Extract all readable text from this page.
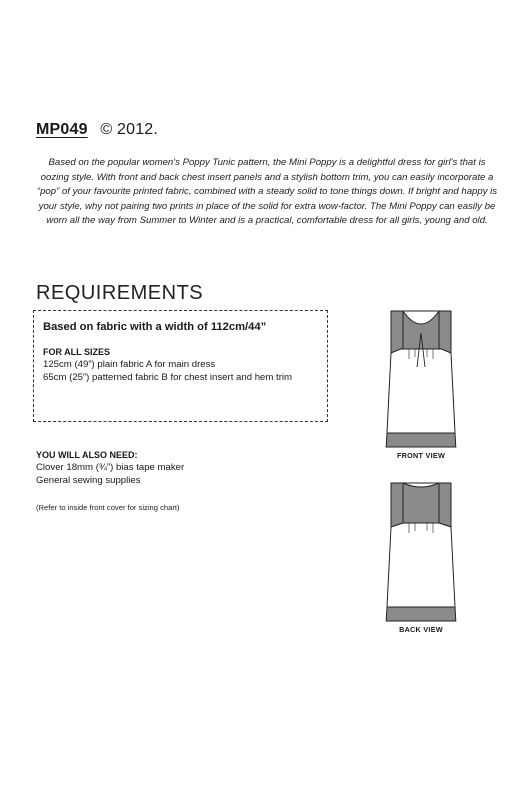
MP049 © 2012.
Based on the popular women's Poppy Tunic pattern, the Mini Poppy is a delightful dress for girl's that is oozing style. With front and back chest insert panels and a stylish bottom trim, you can easily incorporate a “pop” of your favourite printed fabric, combined with a steady solid to tone things down. If bright and happy is your style, why not pairing two prints in place of the solid for extra wow-factor. The Mini Poppy can easily be worn all the way from Summer to Winter and is a practical, comfortable dress for all girls, young and old.
REQUIREMENTS
Based on fabric with a width of 112cm/44”
FOR ALL SIZES
125cm (49”) plain fabric A for main dress
65cm (25”) patterned fabric B for chest insert and hem trim
YOU WILL ALSO NEED:
Clover 18mm (¾”) bias tape maker
General sewing supplies
(Refer to inside front cover for sizing chart)
FRONT VIEW
BACK VIEW
